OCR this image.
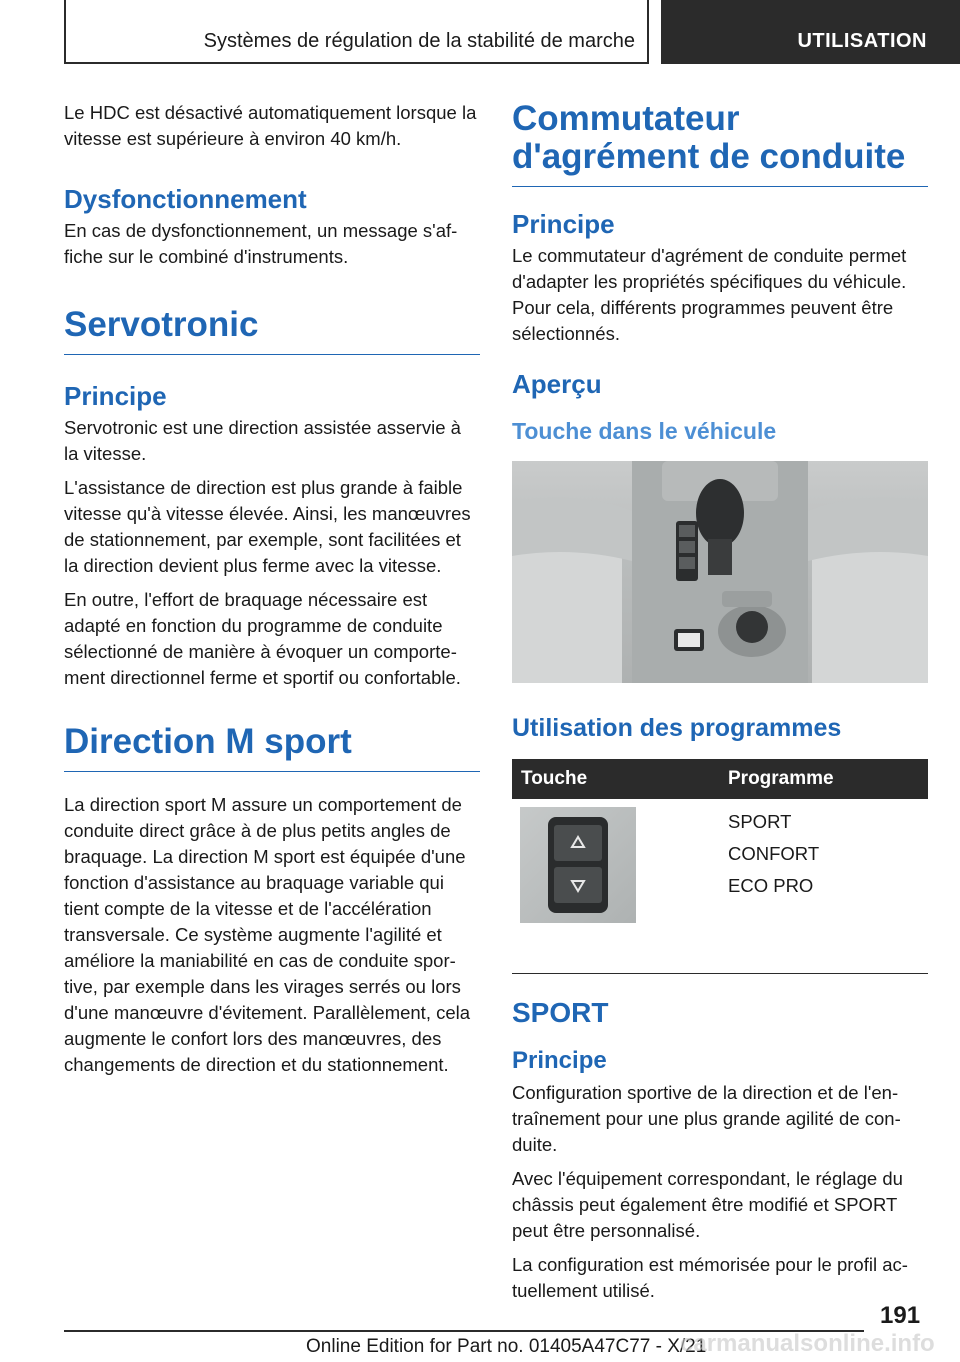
Systèmes de régulation de la stabilité de marche	UTILISATION

Le HDC est désactivé automatiquement lorsque la vitesse est supérieure à environ 40 km/h.

Dysfonctionnement

En cas de dysfonctionnement, un message s'affiche sur le combiné d'instruments.

Servotronic
Principe

Servotronic est une direction assistée asservie à la vitesse.

L'assistance de direction est plus grande à faible vitesse qu'à vitesse élevée. Ainsi, les manœuvres de stationnement, par exemple, sont facilitées et la direction devient plus ferme avec la vitesse.

En outre, l'effort de braquage nécessaire est adapté en fonction du programme de conduite sélectionné de manière à évoquer un comportement directionnel ferme et sportif ou confortable.

Direction M sport

La direction sport M assure un comportement de conduite direct grâce à de plus petits angles de braquage. La direction M sport est équipée d'une fonction d'assistance au braquage variable qui tient compte de la vitesse et de l'accélération transversale. Ce système augmente l'agilité et améliore la maniabilité en cas de conduite sportive, par exemple dans les virages serrés ou lors d'une manœuvre d'évitement. Parallèlement, cela augmente le confort lors des manœuvres, des changements de direction et du stationnement.

Commutateur d'agrément de conduite
Principe

Le commutateur d'agrément de conduite permet d'adapter les propriétés spécifiques du véhicule. Pour cela, différents programmes peuvent être sélectionnés.

Aperçu
Touche dans le véhicule
Utilisation des programmes
Touche	Programme

SPORT

CONFORT

ECO PRO

SPORT
Principe

Configuration sportive de la direction et de l'entraînement pour une plus grande agilité de conduite.

Avec l'équipement correspondant, le réglage du châssis peut également être modifié et SPORT peut être personnalisé.

La configuration est mémorisée pour le profil actuellement utilisé.

191
Online Edition for Part no. 01405A47C77 - X/21
carmanualsonline.info
